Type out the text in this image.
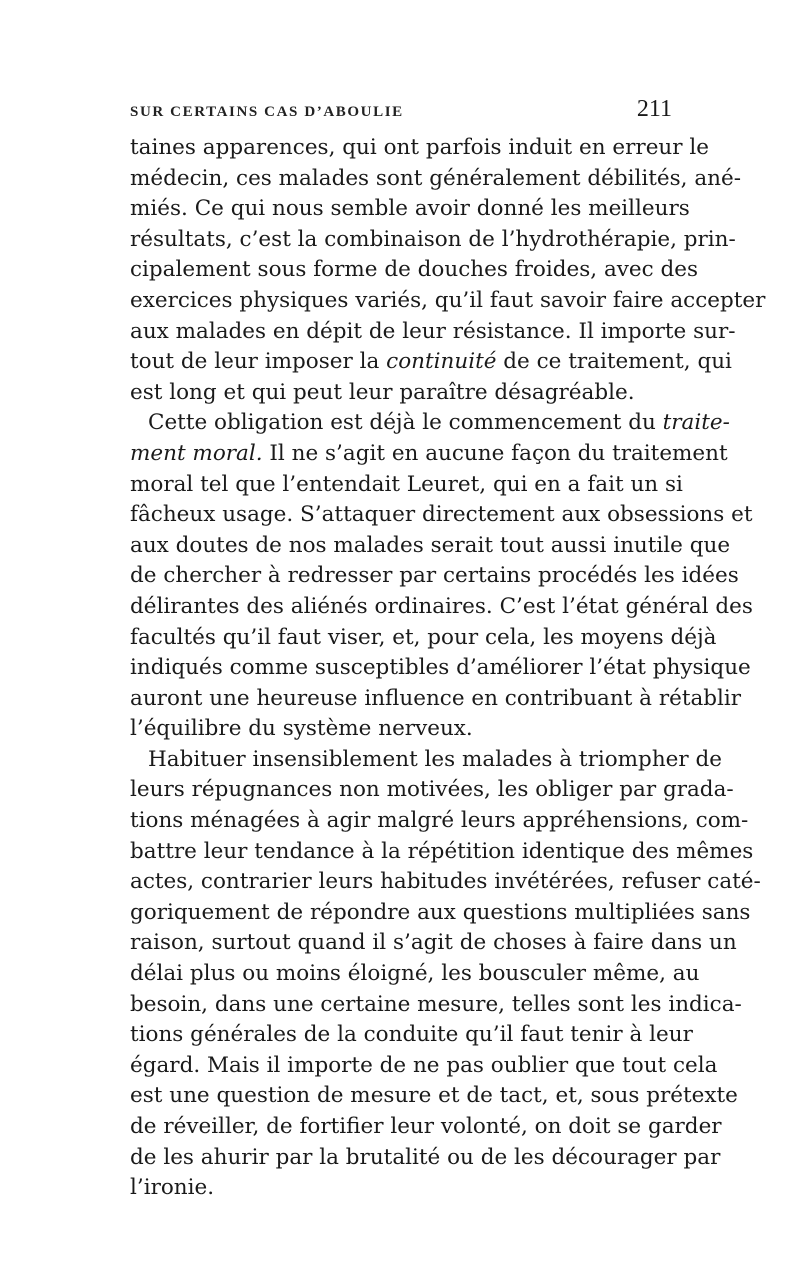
SUR CERTAINS CAS D’ABOULIE	211
taines apparences, qui ont parfois induit en erreur le
médecin, ces malades sont généralement débilités, ané-
miés. Ce qui nous semble avoir donné les meilleurs
résultats, c’est la combinaison de l’hydrothérapie, prin-
cipalement sous forme de douches froides, avec des
exercices physiques variés, qu’il faut savoir faire accepter
aux malades en dépit de leur résistance. Il importe sur-
tout de leur imposer la continuité de ce traitement, qui
est long et qui peut leur paraître désagréable.
Cette obligation est déjà le commencement du traite-
ment moral. Il ne s’agit en aucune façon du traitement
moral tel que l’entendait Leuret, qui en a fait un si
fâcheux usage. S’attaquer directement aux obsessions et
aux doutes de nos malades serait tout aussi inutile que
de chercher à redresser par certains procédés les idées
délirantes des aliénés ordinaires. C’est l’état général des
facultés qu’il faut viser, et, pour cela, les moyens déjà
indiqués comme susceptibles d’améliorer l’état physique
auront une heureuse influence en contribuant à rétablir
l’équilibre du système nerveux.
Habituer insensiblement les malades à triompher de
leurs répugnances non motivées, les obliger par grada-
tions ménagées à agir malgré leurs appréhensions, com-
battre leur tendance à la répétition identique des mêmes
actes, contrarier leurs habitudes invétérées, refuser caté-
goriquement de répondre aux questions multipliées sans
raison, surtout quand il s’agit de choses à faire dans un
délai plus ou moins éloigné, les bousculer même, au
besoin, dans une certaine mesure, telles sont les indica-
tions générales de la conduite qu’il faut tenir à leur
égard. Mais il importe de ne pas oublier que tout cela
est une question de mesure et de tact, et, sous prétexte
de réveiller, de fortifier leur volonté, on doit se garder
de les ahurir par la brutalité ou de les décourager par
l’ironie.
